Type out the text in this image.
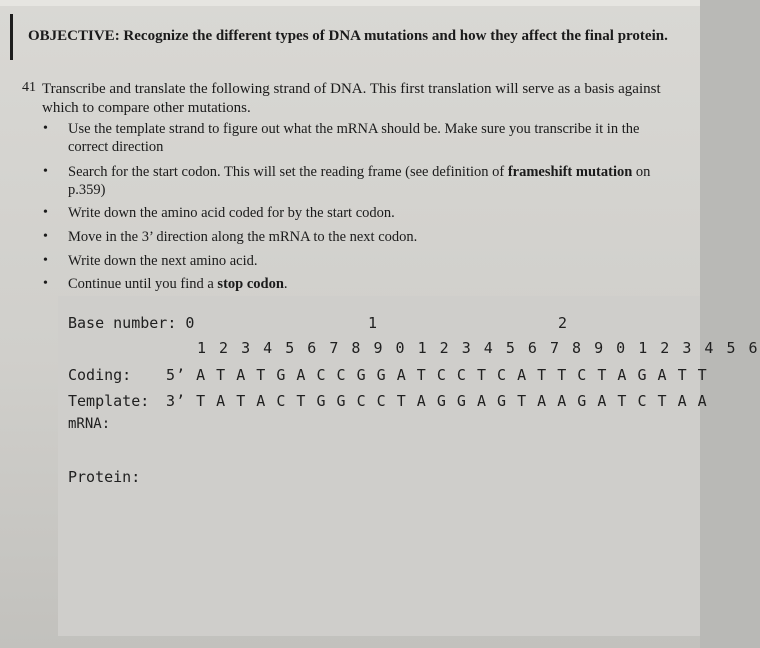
OBJECTIVE: Recognize the different types of DNA mutations and how they affect the final protein.
41 Transcribe and translate the following strand of DNA. This first translation will serve as a basis against which to compare other mutations.
• Use the template strand to figure out what the mRNA should be. Make sure you transcribe it in the correct direction
• Search for the start codon. This will set the reading frame (see definition of frameshift mutation on p.359)
• Write down the amino acid coded for by the start codon.
• Move in the 3’ direction along the mRNA to the next codon.
• Write down the next amino acid.
• Continue until you find a stop codon.
Base number: 0	1	2
1 2 3 4 5 6 7 8 9 0 1 2 3 4 5 6 7 8 9 0 1 2 3 4 5 6
Coding: 5’ A T A T G A C C G G A T C C T C A T T C T A G A T T
Template: 3’ T A T A C T G G C C T A G G A G T A A G A T C T A A
mRNA:
Protein:
